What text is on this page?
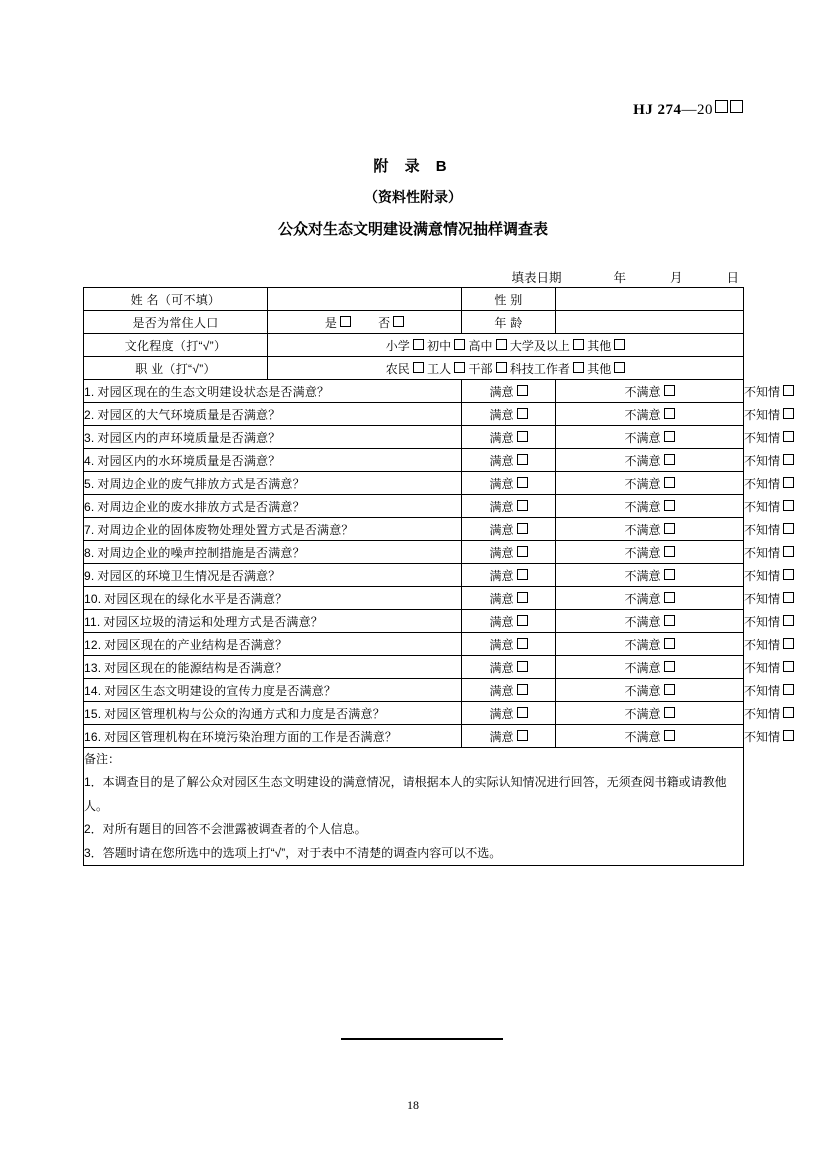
HJ 274—20
附 录 B
（资料性附录）
公众对生态文明建设满意情况抽样调查表
填表日期	年	月	日
姓 名（可不填）		性 别		
是否为常住人口	是 否	年 龄		
文化程度（打“√”）	小学 初中 高中 大学及以上 其他			
职 业（打“√”）	农民 工人 干部 科技工作者 其他			
1. 对园区现在的生态文明建设状态是否满意？		满意	不满意	不知情
2. 对园区的大气环境质量是否满意？		满意	不满意	不知情
3. 对园区内的声环境质量是否满意？		满意	不满意	不知情
4. 对园区内的水环境质量是否满意？		满意	不满意	不知情
5. 对周边企业的废气排放方式是否满意？		满意	不满意	不知情
6. 对周边企业的废水排放方式是否满意？		满意	不满意	不知情
7. 对周边企业的固体废物处理处置方式是否满意？		满意	不满意	不知情
8. 对周边企业的噪声控制措施是否满意？		满意	不满意	不知情
9. 对园区的环境卫生情况是否满意？		满意	不满意	不知情
10. 对园区现在的绿化水平是否满意？		满意	不满意	不知情
11. 对园区垃圾的清运和处理方式是否满意？		满意	不满意	不知情
12. 对园区现在的产业结构是否满意？		满意	不满意	不知情
13. 对园区现在的能源结构是否满意？		满意	不满意	不知情
14. 对园区生态文明建设的宣传力度是否满意？		满意	不满意	不知情
15. 对园区管理机构与公众的沟通方式和力度是否满意？		满意	不满意	不知情
16. 对园区管理机构在环境污染治理方面的工作是否满意？		满意	不满意	不知情

备注：
1．本调查目的是了解公众对园区生态文明建设的满意情况，请根据本人的实际认知情况进行回答，无须查阅书籍或请教他人。
2．对所有题目的回答不会泄露被调查者的个人信息。
3．答题时请在您所选中的选项上打“√”，对于表中不清楚的调查内容可以不选。				
18
